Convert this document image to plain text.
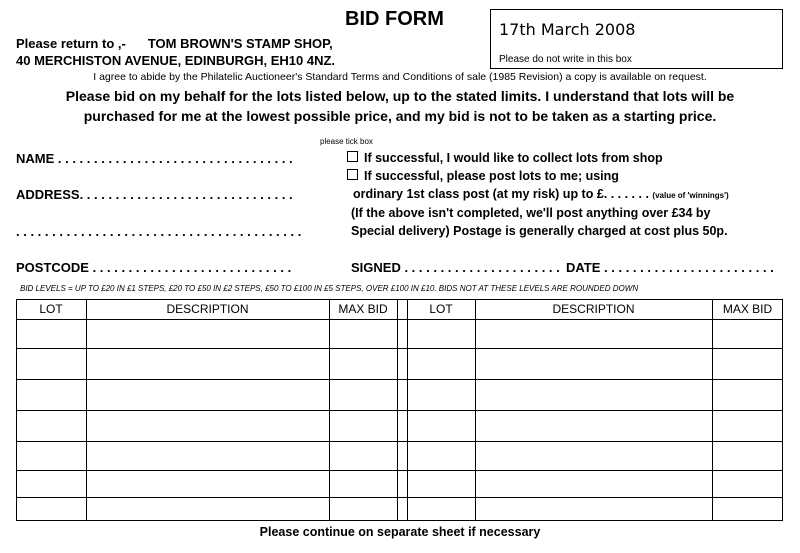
BID FORM
Please return to ,- TOM BROWN'S STAMP SHOP,
40 MERCHISTON AVENUE, EDINBURGH, EH10 4NZ.
17th March 2008
Please do not write in this box
I agree to abide by the Philatelic Auctioneer's Standard Terms and Conditions of sale (1985 Revision) a copy is available on request.
Please bid on my behalf for the lots listed below, up to the stated limits. I understand that lots will be
purchased for me at the lowest possible price, and my bid is not to be taken as a starting price.
please tick box
NAME . . . . . . . . . . . . . . . . . . . . . . . . . . . . . . . . .
ADDRESS. . . . . . . . . . . . . . . . . . . . . . . . . . . . . .
. . . . . . . . . . . . . . . . . . . . . . . . . . . . . . . . . . . . . . . .
POSTCODE . . . . . . . . . . . . . . . . . . . . . . . . . . . .	SIGNED . . . . . . . . . . . . . . . . . . . . . . DATE . . . . . . . . . . . . . . . . . . . . . . . .
If successful, I would like to collect lots from shop
If successful, please post lots to me; using
ordinary 1st class post (at my risk) up to £. . . . . . . (value of 'winnings')
(If the above isn't completed, we'll post anything over £34 by
Special delivery) Postage is generally charged at cost plus 50p.
BID LEVELS = UP TO £20 IN £1 STEPS, £20 TO £50 IN £2 STEPS, £50 TO £100 IN £5 STEPS, OVER £100 IN £10. BIDS NOT AT THESE LEVELS ARE ROUNDED DOWN
LOT	DESCRIPTION	MAX BID	LOT	DESCRIPTION	MAX BID
Please continue on separate sheet if necessary
